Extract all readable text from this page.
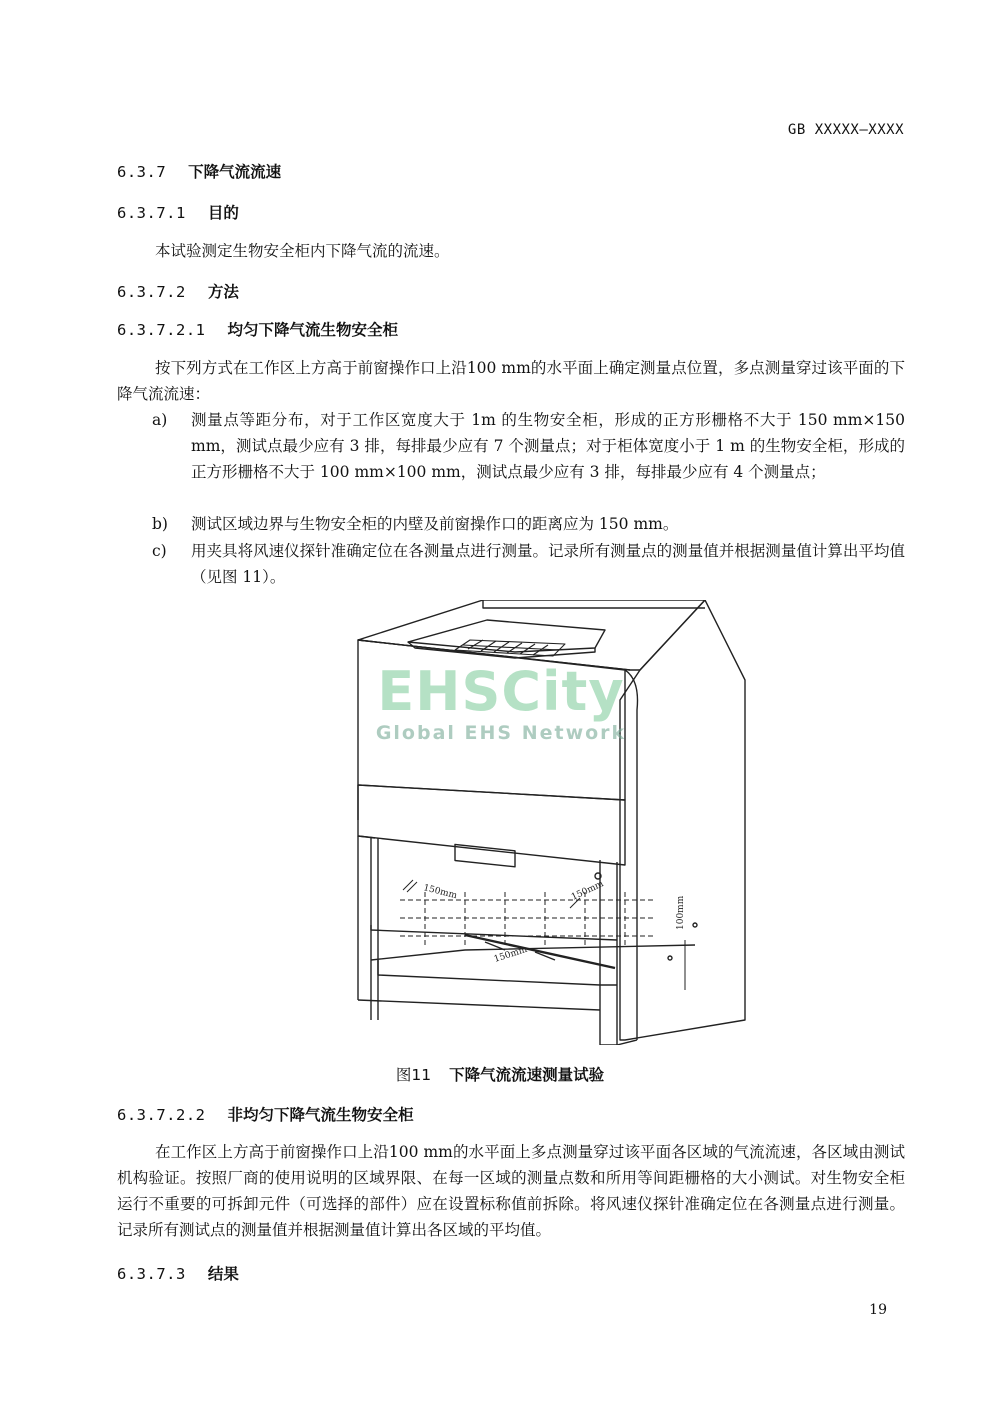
GB XXXXX—XXXX
6.3.7 下降气流流速
6.3.7.1 目的
本试验测定生物安全柜内下降气流的流速。
6.3.7.2 方法
6.3.7.2.1 均匀下降气流生物安全柜
按下列方式在工作区上方高于前窗操作口上沿100 mm的水平面上确定测量点位置，多点测量穿过该平面的下降气流流速：
a)	测量点等距分布，对于工作区宽度大于 1m 的生物安全柜，形成的正方形栅格不大于 150 mm×150 mm，测试点最少应有 3 排，每排最少应有 7 个测量点；对于柜体宽度小于 1 m 的生物安全柜，形成的正方形栅格不大于 100 mm×100 mm，测试点最少应有 3 排，每排最少应有 4 个测量点；
b)	测试区域边界与生物安全柜的内壁及前窗操作口的距离应为 150 mm。
c)	用夹具将风速仪探针准确定位在各测量点进行测量。记录所有测量点的测量值并根据测量值计算出平均值（见图 11）。
150mm	150mm
150mm
100mm
EHSCity
Global EHS Network
图11 下降气流流速测量试验
6.3.7.2.2 非均匀下降气流生物安全柜
在工作区上方高于前窗操作口上沿100 mm的水平面上多点测量穿过该平面各区域的气流流速，各区域由测试机构验证。按照厂商的使用说明的区域界限、在每一区域的测量点数和所用等间距栅格的大小测试。对生物安全柜运行不重要的可拆卸元件（可选择的部件）应在设置标称值前拆除。将风速仪探针准确定位在各测量点进行测量。记录所有测试点的测量值并根据测量值计算出各区域的平均值。
6.3.7.3 结果
19
